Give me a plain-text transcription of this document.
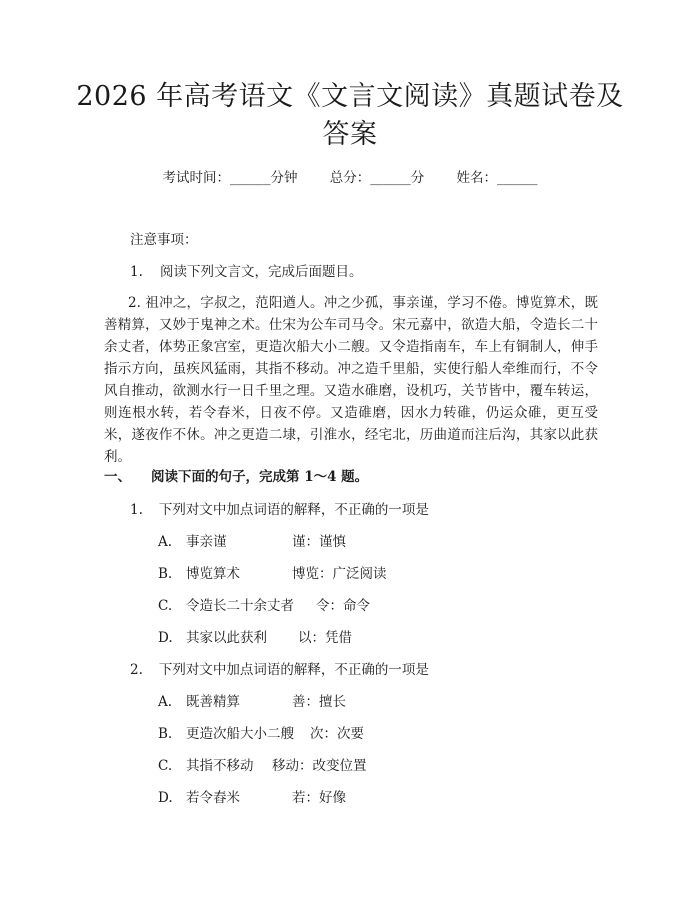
2026 年高考语文《文言文阅读》真题试卷及
答案
考试时间：______分钟 总分：______分 姓名：______
注意事项：
1.    阅读下列文言文，完成后面题目。
2. 祖冲之，字叔之，范阳遒人。冲之少孤，事亲谨，学习不倦。博览算术，既善精算，又妙于鬼神之术。仕宋为公车司马令。宋元嘉中，欲造大船，令造长二十余丈者，体势正象宫室，更造次船大小二艘。又令造指南车，车上有铜制人，伸手指示方向，虽疾风猛雨，其指不移动。冲之造千里船，实使行船人牵维而行，不令风自推动，欲测水行一日千里之理。又造水碓磨，设机巧，关节皆中，覆车转运，则连根水转，若令春米，日夜不停。又造碓磨，因水力转碓，仍运众碓，更互受米，遂夜作不休。冲之更造二埭，引淮水，经宅北，历曲道而注后沟，其家以此获利。
一、 阅读下面的句子，完成第 1～4 题。
1. 下列对文中加点词语的解释，不正确的一项是
A. 事亲谨	谨：谨慎
B. 博览算术	博览：广泛阅读
C. 令造长二十余丈者 令：命令
D. 其家以此获利 以：凭借
2. 下列对文中加点词语的解释，不正确的一项是
A. 既善精算	善：擅长
B. 更造次船大小二艘 次：次要
C. 其指不移动 移动：改变位置
D. 若令舂米	若：好像
